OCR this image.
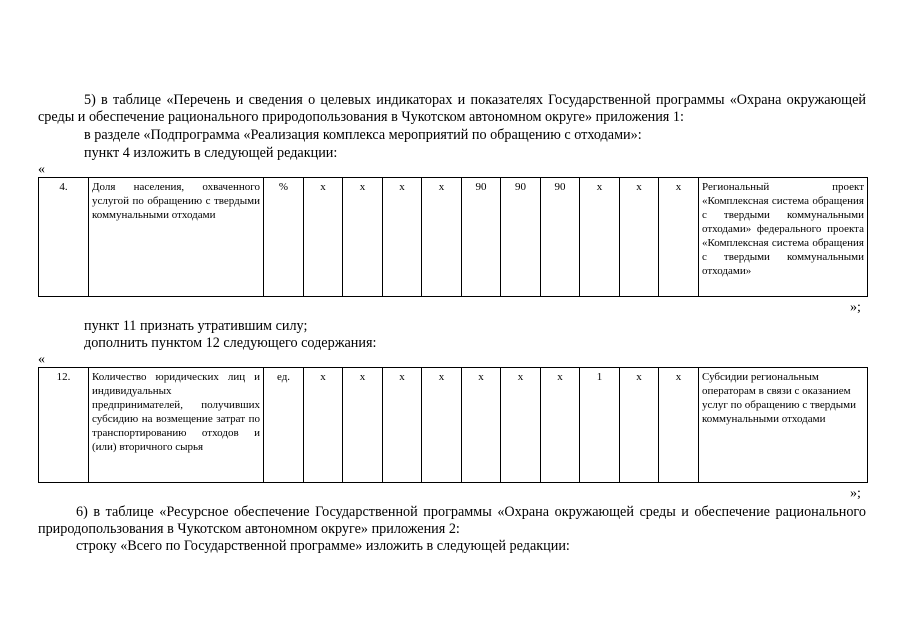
5) в таблице «Перечень и сведения о целевых индикаторах и показателях Государственной программы «Охрана окружающей среды и обеспечение рационального природопользования в Чукотском автономном округе» приложения 1:

в разделе «Подпрограмма «Реализация комплекса мероприятий по обращению с отходами»:
пункт 4 изложить в следующей редакции:
«
4.	Доля населения, охваченного услугой по обращению с твердыми коммунальными отходами	%	х	х	х	х	90	90	90	х	х	х	Региональный проект «Комплексная система обращения с твердыми коммунальными отходами» федерального проекта «Комплексная система обращения с твердыми коммунальными отходами»
»;
пункт 11 признать утратившим силу;
дополнить пунктом 12 следующего содержания:
«
12.	Количество юридических лиц и индивидуальных предпринимателей, получивших субсидию на возмещение затрат по транспортированию отходов и (или) вторичного сырья	ед.	х	х	х	х	х	х	х	1	х	х	Субсидии региональным операторам в связи с оказанием услуг по обращению с твердыми коммунальными отходами
»;

6) в таблице «Ресурсное обеспечение Государственной программы «Охрана окружающей среды и обеспечение рационального природопользования в Чукотском автономном округе» приложения 2:

строку «Всего по Государственной программе» изложить в следующей редакции:
